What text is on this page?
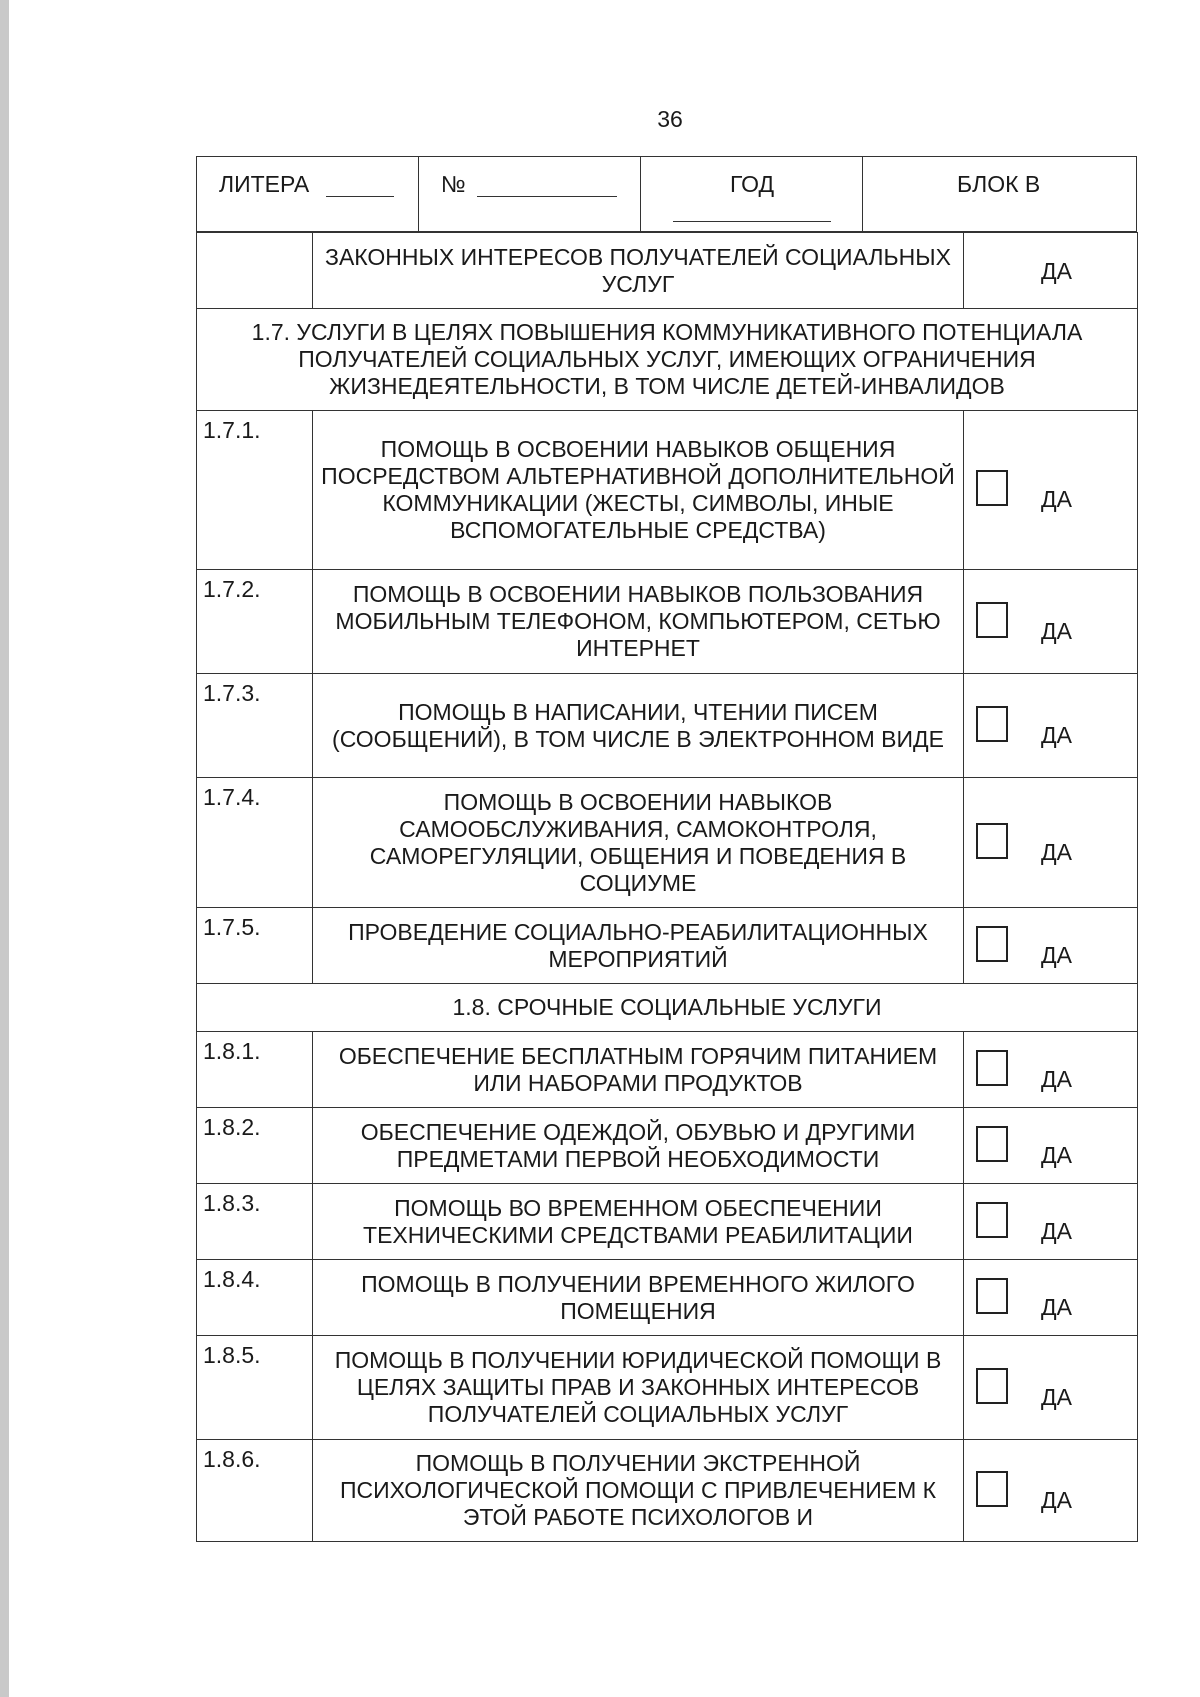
36
ЛИТЕРА	№	ГОД	БЛОК В
	ЗАКОННЫХ ИНТЕРЕСОВ ПОЛУЧАТЕЛЕЙ СОЦИАЛЬНЫХ УСЛУГ	ДА

1.7. УСЛУГИ В ЦЕЛЯХ ПОВЫШЕНИЯ КОММУНИКАТИВНОГО ПОТЕНЦИАЛА ПОЛУЧАТЕЛЕЙ СОЦИАЛЬНЫХ УСЛУГ, ИМЕЮЩИХ ОГРАНИЧЕНИЯ ЖИЗНЕДЕЯТЕЛЬНОСТИ, В ТОМ ЧИСЛЕ ДЕТЕЙ-ИНВАЛИДОВ		
1.7.1.	ПОМОЩЬ В ОСВОЕНИИ НАВЫКОВ ОБЩЕНИЯ ПОСРЕДСТВОМ АЛЬТЕРНАТИВНОЙ ДОПОЛНИТЕЛЬНОЙ КОММУНИКАЦИИ (ЖЕСТЫ, СИМВОЛЫ, ИНЫЕ ВСПОМОГАТЕЛЬНЫЕ СРЕДСТВА)	ДА

1.7.2.	ПОМОЩЬ В ОСВОЕНИИ НАВЫКОВ ПОЛЬЗОВАНИЯ МОБИЛЬНЫМ ТЕЛЕФОНОМ, КОМПЬЮТЕРОМ, СЕТЬЮ ИНТЕРНЕТ	ДА

1.7.3.	ПОМОЩЬ В НАПИСАНИИ, ЧТЕНИИ ПИСЕМ (СООБЩЕНИЙ), В ТОМ ЧИСЛЕ В ЭЛЕКТРОННОМ ВИДЕ	ДА

1.7.4.	ПОМОЩЬ В ОСВОЕНИИ НАВЫКОВ САМООБСЛУЖИВАНИЯ, САМОКОНТРОЛЯ, САМОРЕГУЛЯЦИИ, ОБЩЕНИЯ И ПОВЕДЕНИЯ В СОЦИУМЕ	ДА

1.7.5.	ПРОВЕДЕНИЕ СОЦИАЛЬНО-РЕАБИЛИТАЦИОННЫХ МЕРОПРИЯТИЙ	ДА

1.8. СРОЧНЫЕ СОЦИАЛЬНЫЕ УСЛУГИ		
1.8.1.	ОБЕСПЕЧЕНИЕ БЕСПЛАТНЫМ ГОРЯЧИМ ПИТАНИЕМ ИЛИ НАБОРАМИ ПРОДУКТОВ	ДА

1.8.2.	ОБЕСПЕЧЕНИЕ ОДЕЖДОЙ, ОБУВЬЮ И ДРУГИМИ ПРЕДМЕТАМИ ПЕРВОЙ НЕОБХОДИМОСТИ	ДА

1.8.3.	ПОМОЩЬ ВО ВРЕМЕННОМ ОБЕСПЕЧЕНИИ ТЕХНИЧЕСКИМИ СРЕДСТВАМИ РЕАБИЛИТАЦИИ	ДА

1.8.4.	ПОМОЩЬ В ПОЛУЧЕНИИ ВРЕМЕННОГО ЖИЛОГО ПОМЕЩЕНИЯ	ДА

1.8.5.	ПОМОЩЬ В ПОЛУЧЕНИИ ЮРИДИЧЕСКОЙ ПОМОЩИ В ЦЕЛЯХ ЗАЩИТЫ ПРАВ И ЗАКОННЫХ ИНТЕРЕСОВ ПОЛУЧАТЕЛЕЙ СОЦИАЛЬНЫХ УСЛУГ	ДА

1.8.6.	ПОМОЩЬ В ПОЛУЧЕНИИ ЭКСТРЕННОЙ ПСИХОЛОГИЧЕСКОЙ ПОМОЩИ С ПРИВЛЕЧЕНИЕМ К ЭТОЙ РАБОТЕ ПСИХОЛОГОВ И	ДА
